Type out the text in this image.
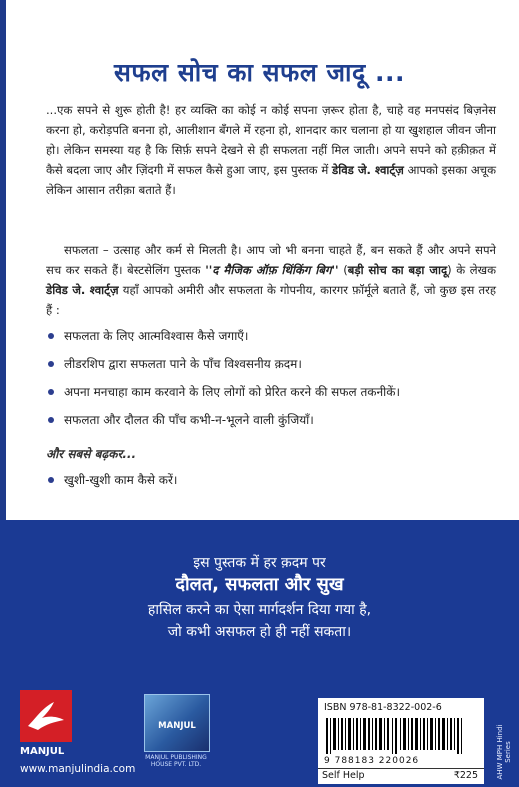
सफल सोच का सफल जादू ...

...एक सपने से शुरू होती है! हर व्यक्ति का कोई न कोई सपना ज़रूर होता है, चाहे वह मनपसंद बिज़नेस करना हो, करोड़पति बनना हो, आलीशान बँगले में रहना हो, शानदार कार चलाना हो या खुशहाल जीवन जीना हो। लेकिन समस्या यह है कि सिर्फ़ सपने देखने से ही सफलता नहीं मिल जाती। अपने सपने को हक़ीक़त में कैसे बदला जाए और ज़िंदगी में सफल कैसे हुआ जाए, इस पुस्तक में डेविड जे. श्वार्ट्ज़ आपको इसका अचूक लेकिन आसान तरीक़ा बताते हैं।

सफलता – उत्साह और कर्म से मिलती है। आप जो भी बनना चाहते हैं, बन सकते हैं और अपने सपने सच कर सकते हैं। बेस्टसेलिंग पुस्तक ''द मैजिक ऑफ़ थिंकिंग बिग'' (बड़ी सोच का बड़ा जादू) के लेखक डेविड जे. श्वार्ट्ज़ यहाँ आपको अमीरी और सफलता के गोपनीय, कारगर फ़ॉर्मूले बताते हैं, जो कुछ इस तरह हैं :

सफलता के लिए आत्मविश्वास कैसे जगाएँ।
लीडरशिप द्वारा सफलता पाने के पाँच विश्वसनीय क़दम।
अपना मनचाहा काम करवाने के लिए लोगों को प्रेरित करने की सफल तकनीकें।
सफलता और दौलत की पाँच कभी-न-भूलने वाली कुंजियाँ।
और सबसे बढ़कर...
खुशी-खुशी काम कैसे करें।
इस पुस्तक में हर क़दम पर
दौलत, सफलता और सुख
हासिल करने का ऐसा मार्गदर्शन दिया गया है,
जो कभी असफल हो ही नहीं सकता।
MANJUL
www.manjulindia.com
MANJUL
MANJUL PUBLISHING HOUSE PVT. LTD.
ISBN 978-81-8322-002-6
9 788183 220026
Self Help	₹225	AHW MPH Hindi Series
